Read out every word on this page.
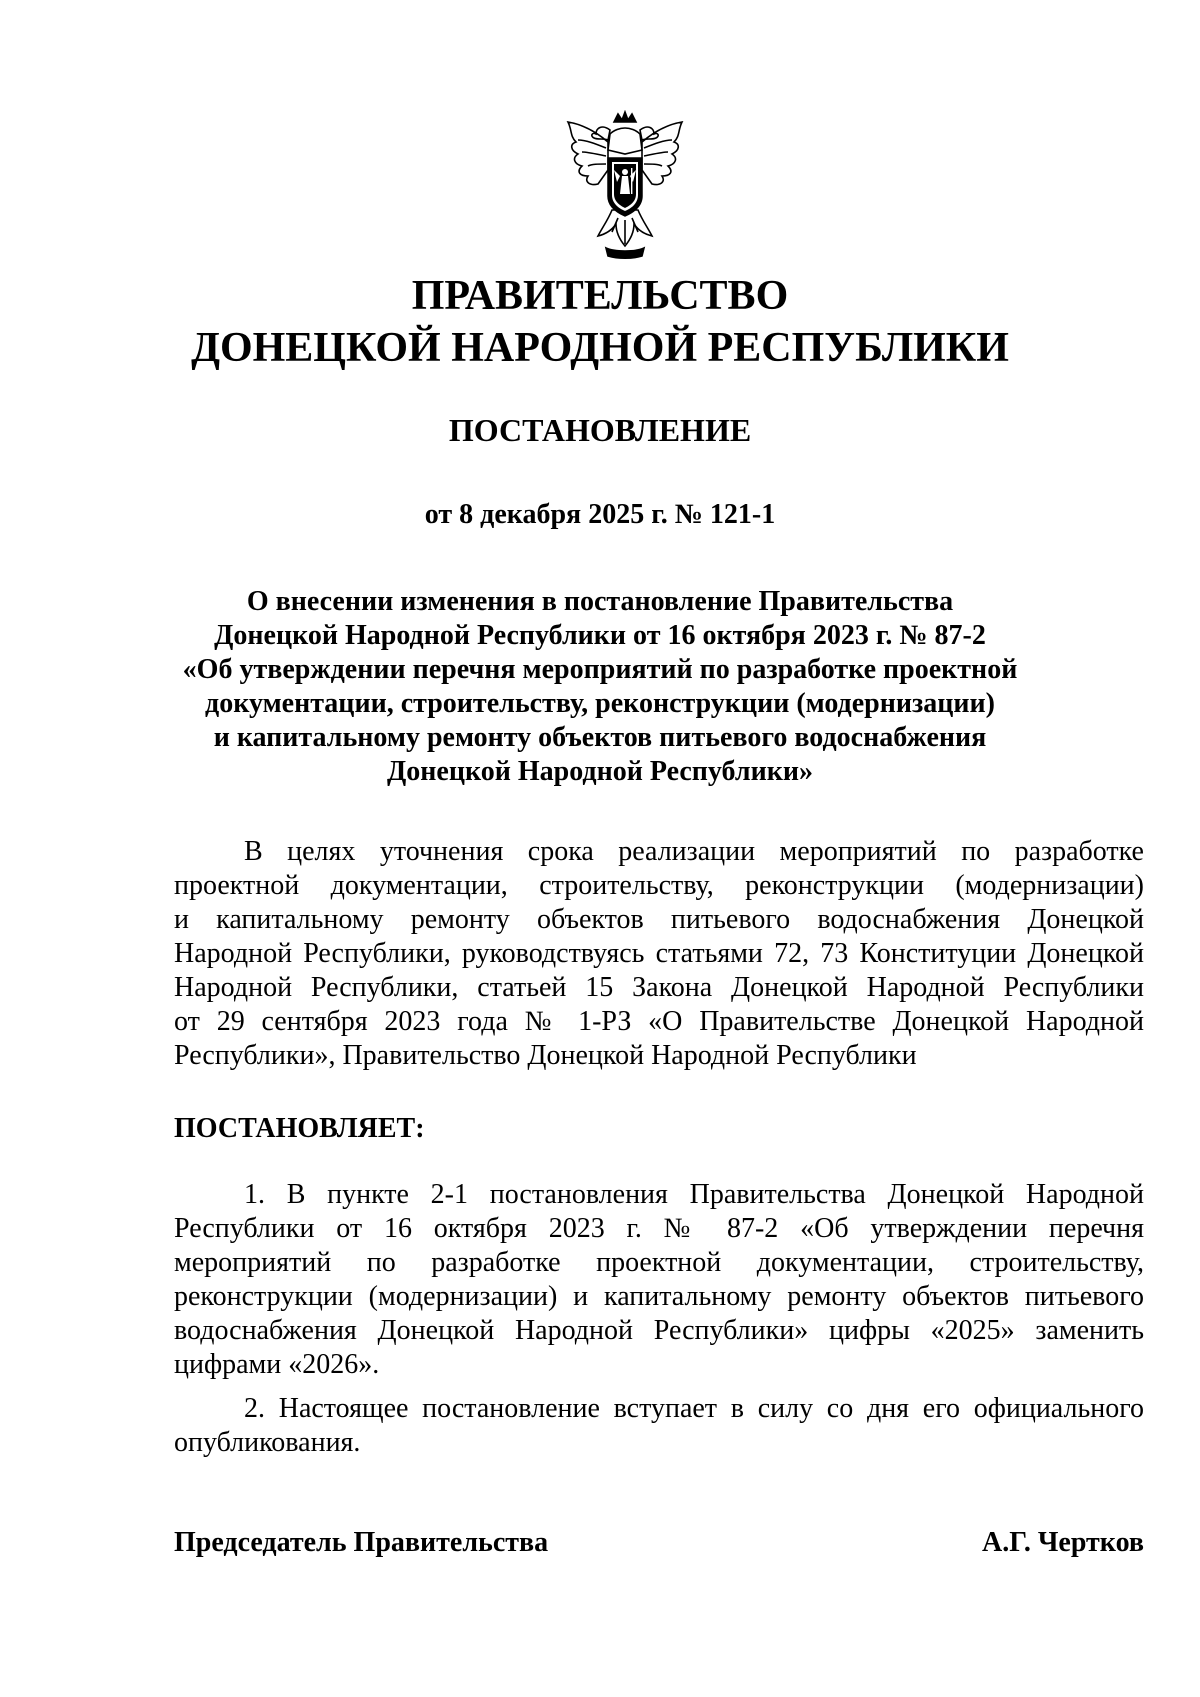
ПРАВИТЕЛЬСТВО
ДОНЕЦКОЙ НАРОДНОЙ РЕСПУБЛИКИ
ПОСТАНОВЛЕНИЕ
от 8 декабря 2025 г. № 121-1
О внесении изменения в постановление Правительства
Донецкой Народной Республики от 16 октября 2023 г. № 87-2
«Об утверждении перечня мероприятий по разработке проектной
документации, строительству, реконструкции (модернизации)
и капитальному ремонту объектов питьевого водоснабжения
Донецкой Народной Республики»
В целях уточнения срока реализации мероприятий по разработке
проектной документации, строительству, реконструкции (модернизации)
и капитальному ремонту объектов питьевого водоснабжения Донецкой
Народной Республики, руководствуясь статьями 72, 73 Конституции Донецкой
Народной Республики, статьей 15 Закона Донецкой Народной Республики
от 29 сентября 2023 года № 1-РЗ «О Правительстве Донецкой Народной
Республики», Правительство Донецкой Народной Республики
ПОСТАНОВЛЯЕТ:
1. В пункте 2-1 постановления Правительства Донецкой Народной
Республики от 16 октября 2023 г. № 87-2 «Об утверждении перечня
мероприятий по разработке проектной документации, строительству,
реконструкции (модернизации) и капитальному ремонту объектов питьевого
водоснабжения Донецкой Народной Республики» цифры «2025» заменить
цифрами «2026».
2. Настоящее постановление вступает в силу со дня его официального
опубликования.
Председатель Правительства	А.Г. Чертков
